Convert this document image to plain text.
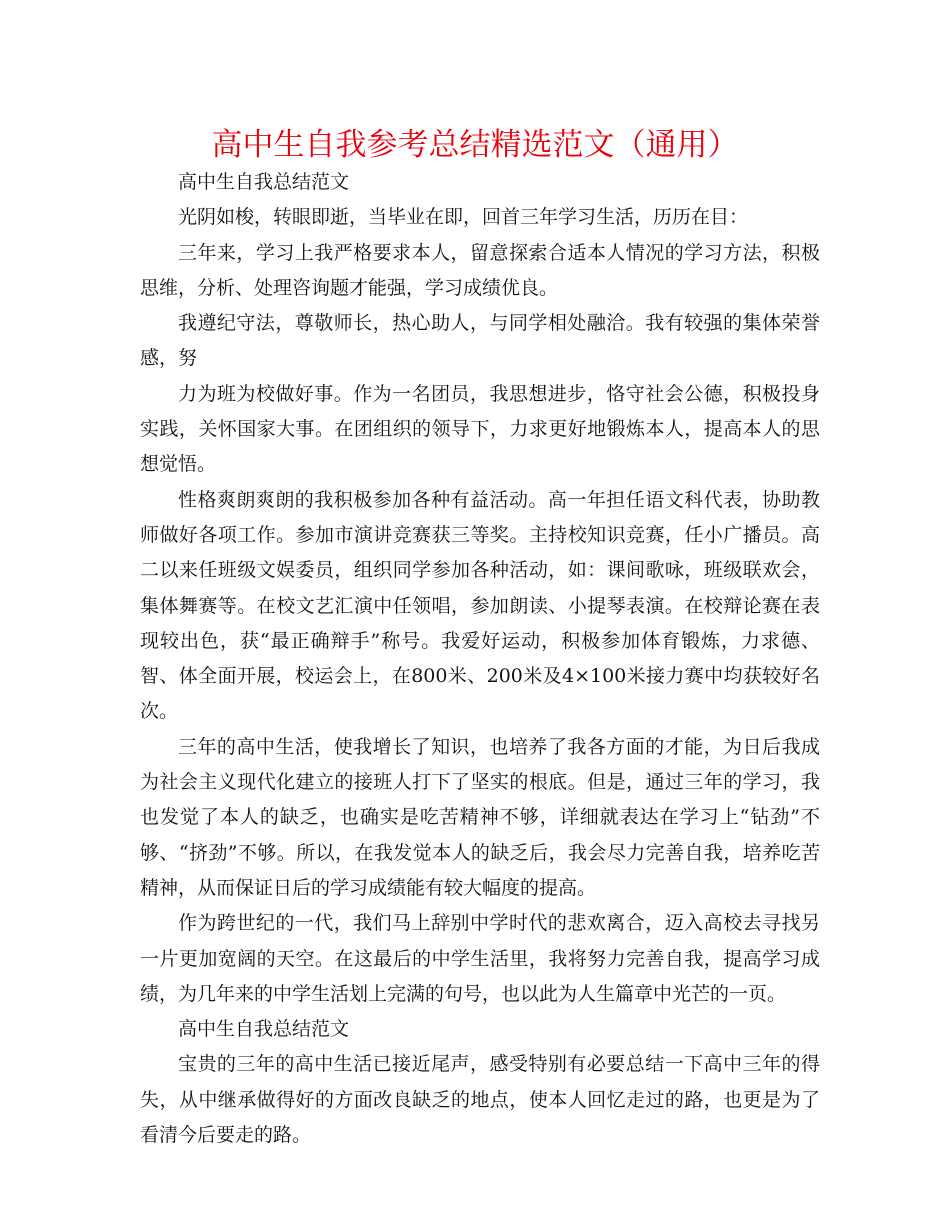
高中生自我参考总结精选范文（通用）

高中生自我总结范文

光阴如梭，转眼即逝，当毕业在即，回首三年学习生活，历历在目：

三年来，学习上我严格要求本人，留意探索合适本人情况的学习方法，积极思维，分析、处理咨询题才能强，学习成绩优良。

我遵纪守法，尊敬师长，热心助人，与同学相处融洽。我有较强的集体荣誉感，努

力为班为校做好事。作为一名团员，我思想进步，恪守社会公德，积极投身实践，关怀国家大事。在团组织的领导下，力求更好地锻炼本人，提高本人的思想觉悟。

性格爽朗爽朗的我积极参加各种有益活动。高一年担任语文科代表，协助教师做好各项工作。参加市演讲竞赛获三等奖。主持校知识竞赛，任小广播员。高二以来任班级文娱委员，组织同学参加各种活动，如：课间歌咏，班级联欢会，集体舞赛等。在校文艺汇演中任领唱，参加朗读、小提琴表演。在校辩论赛在表现较出色，获“最正确辩手”称号。我爱好运动，积极参加体育锻炼，力求德、智、体全面开展，校运会上，在800米、200米及4×100米接力赛中均获较好名次。

三年的高中生活，使我增长了知识，也培养了我各方面的才能，为日后我成为社会主义现代化建立的接班人打下了坚实的根底。但是，通过三年的学习，我也发觉了本人的缺乏，也确实是吃苦精神不够，详细就表达在学习上“钻劲”不够、“挤劲”不够。所以，在我发觉本人的缺乏后，我会尽力完善自我，培养吃苦精神，从而保证日后的学习成绩能有较大幅度的提高。

作为跨世纪的一代，我们马上辞别中学时代的悲欢离合，迈入高校去寻找另一片更加宽阔的天空。在这最后的中学生活里，我将努力完善自我，提高学习成绩，为几年来的中学生活划上完满的句号，也以此为人生篇章中光芒的一页。

高中生自我总结范文

宝贵的三年的高中生活已接近尾声，感受特别有必要总结一下高中三年的得失，从中继承做得好的方面改良缺乏的地点，使本人回忆走过的路，也更是为了看清今后要走的路。
